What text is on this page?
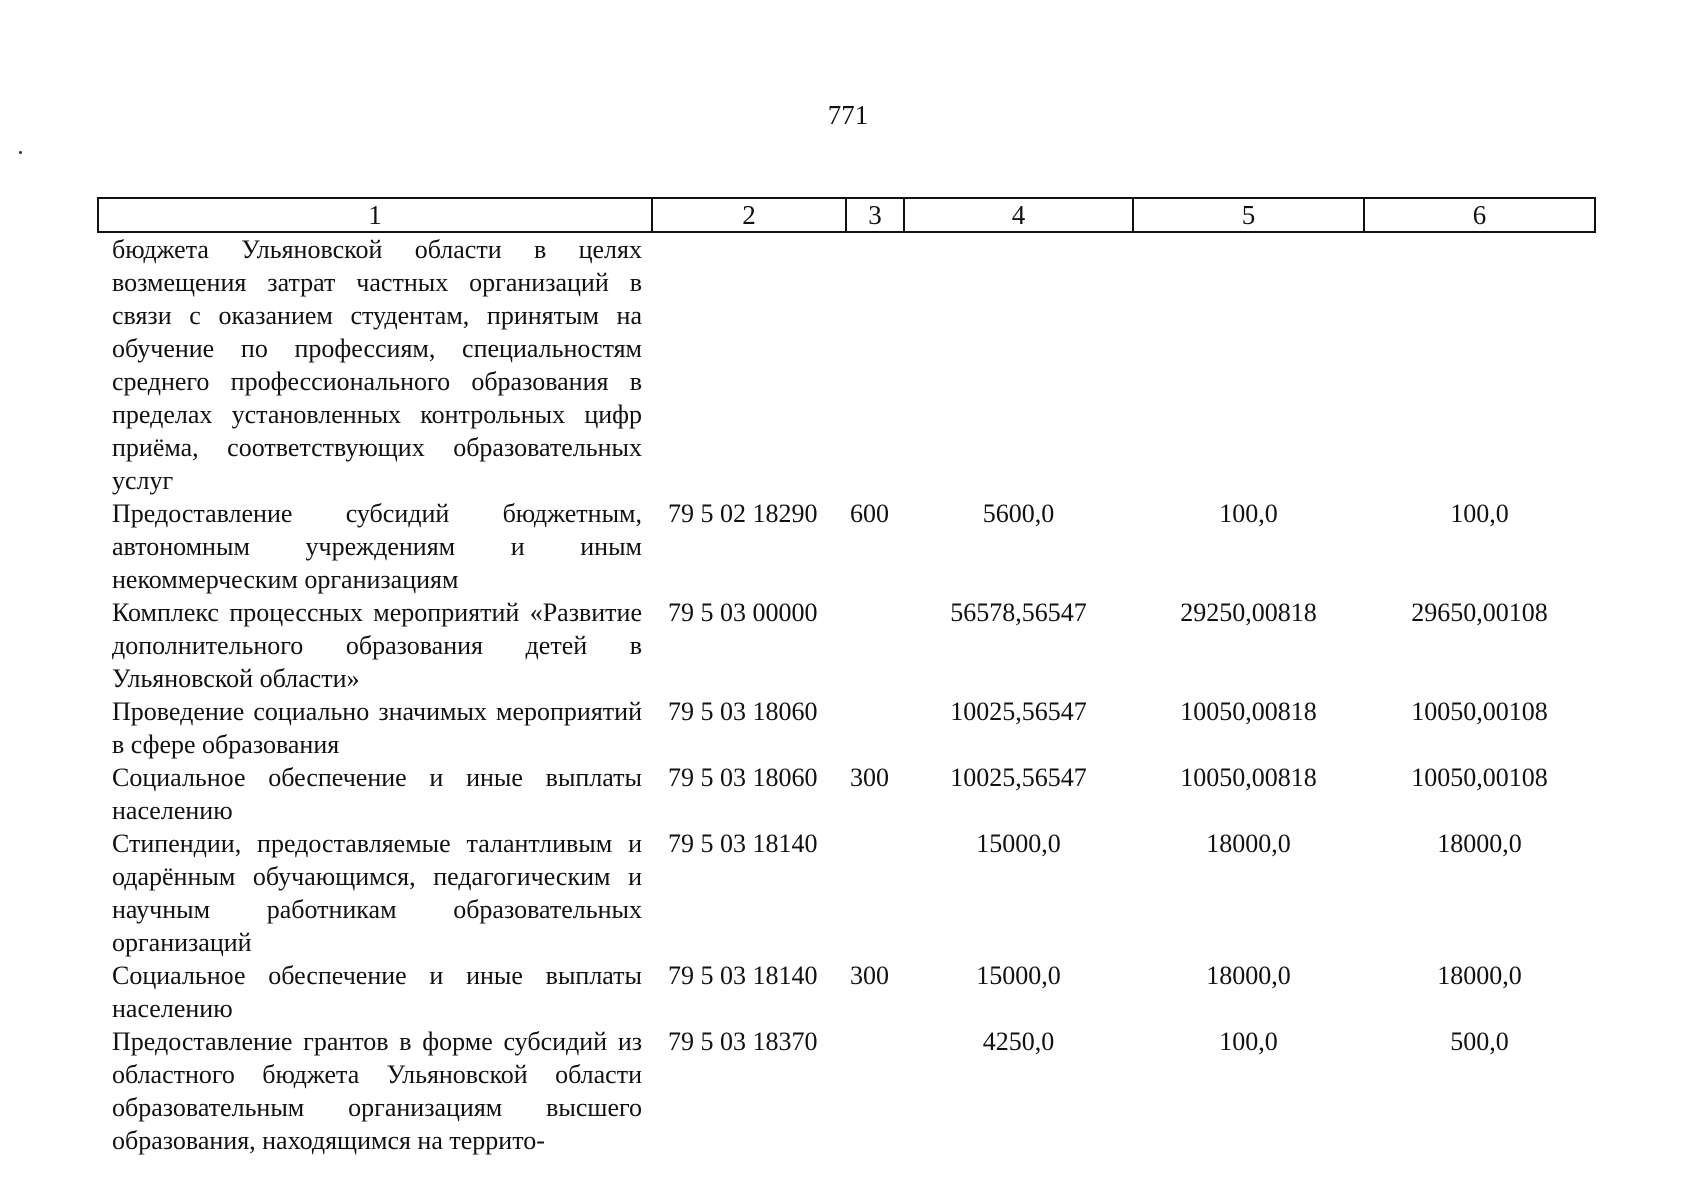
771
1	2	3	4	5	6
бюджета Ульяновской области в целях возмещения затрат частных организаций в связи с оказанием студентам, принятым на обучение по профессиям, специальностям среднего профессионального образования в пределах установленных контрольных цифр приёма, соответствующих образовательных услуг					
Предоставление субсидий бюджетным, автономным учреждениям и иным некоммерческим организациям	79 5 02 18290	600	5600,0	100,0	100,0
Комплекс процессных мероприятий «Развитие дополнительного образования детей в Ульяновской области»	79 5 03 00000		56578,56547	29250,00818	29650,00108
Проведение социально значимых мероприятий в сфере образования	79 5 03 18060		10025,56547	10050,00818	10050,00108
Социальное обеспечение и иные выплаты населению	79 5 03 18060	300	10025,56547	10050,00818	10050,00108
Стипендии, предоставляемые талантливым и одарённым обучающимся, педагогическим и научным работникам образовательных организаций	79 5 03 18140		15000,0	18000,0	18000,0
Социальное обеспечение и иные выплаты населению	79 5 03 18140	300	15000,0	18000,0	18000,0
Предоставление грантов в форме субсидий из областного бюджета Ульяновской области образовательным организациям высшего образования, находящимся на террито-	79 5 03 18370		4250,0	100,0	500,0
